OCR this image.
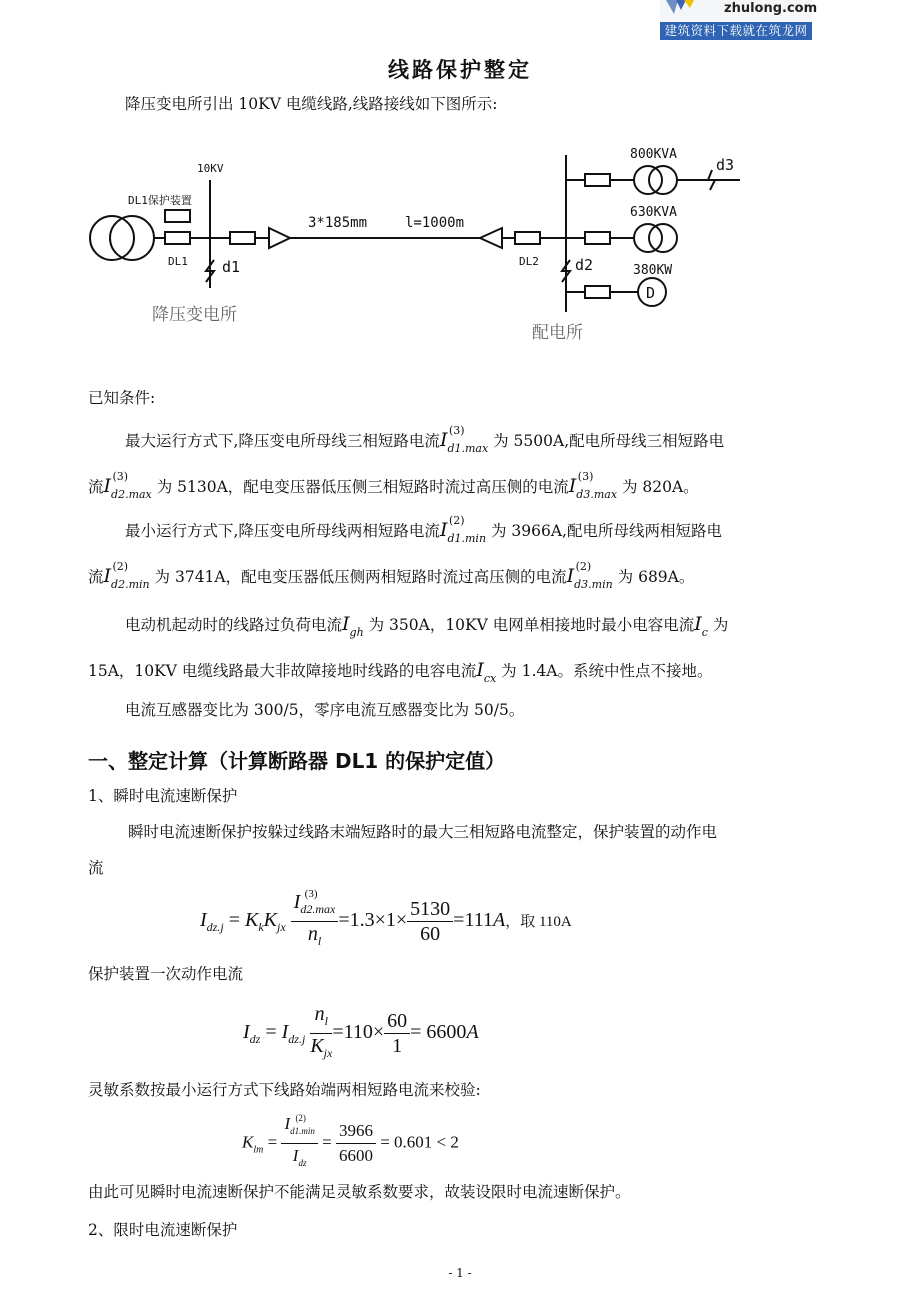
zhulong.com
建筑资料下载就在筑龙网
线路保护整定
降压变电所引出 10KV 电缆线路,线路接线如下图所示:
10KV
DL1保护装置
DL1 d1
3*185mm	l=1000m
DL2 d2
d3
800KVA
630KVA
380KW
D
降压变电所
配电所
已知条件:
最大运行方式下,降压变电所母线三相短路电流I (3)
$_{d1.max}$ 为 5500A,配电所母线三相短路电
流I (3)
$_{d2.max}$ 为 5130A，配电变压器低压侧三相短路时流过高压侧的电流I (3)
$_{d3.max}$ 为 820A。
最小运行方式下,降压变电所母线两相短路电流I (2)
$_{d1.min}$ 为 3966A,配电所母线两相短路电
流I (2)
$_{d2.min}$ 为 3741A，配电变压器低压侧两相短路时流过高压侧的电流I (2)
$_{d3.min}$ 为 689A。
电动机起动时的线路过负荷电流$I_{gh}$ 为 350A，10KV 电网单相接地时最小电容电流$I_c$ 为
15A，10KV 电缆线路最大非故障接地时线路的电容电流$I_{cx}$ 为 1.4A。系统中性点不接地。
电流互感器变比为 300/5，零序电流互感器变比为 50/5。
一、整定计算（计算断路器 DL1 的保护定值）
1、瞬时电流速断保护
瞬时电流速断保护按躲过线路末端短路时的最大三相短路电流整定，保护装置的动作电
流
$I_{dz.j} = K_kK_{jx}$ $I_{d2.max}$
(3)
$n_l =1.3\times 1\times \frac{5130}{60} =111A$，取 110A
保护装置一次动作电流
$I_{dz} = I_{dz.j} \frac{n_l}{K_{jx}} =110\times \frac{60}{1} = 6600A$
灵敏系数按最小运行方式下线路始端两相短路电流来校验:
$K_{lm} = I_{d1.min}$
(2)
$I_{dz} = \frac{3966}{6600} = 0.601 < 2$
由此可见瞬时电流速断保护不能满足灵敏系数要求，故装设限时电流速断保护。
2、限时电流速断保护
- 1 -
